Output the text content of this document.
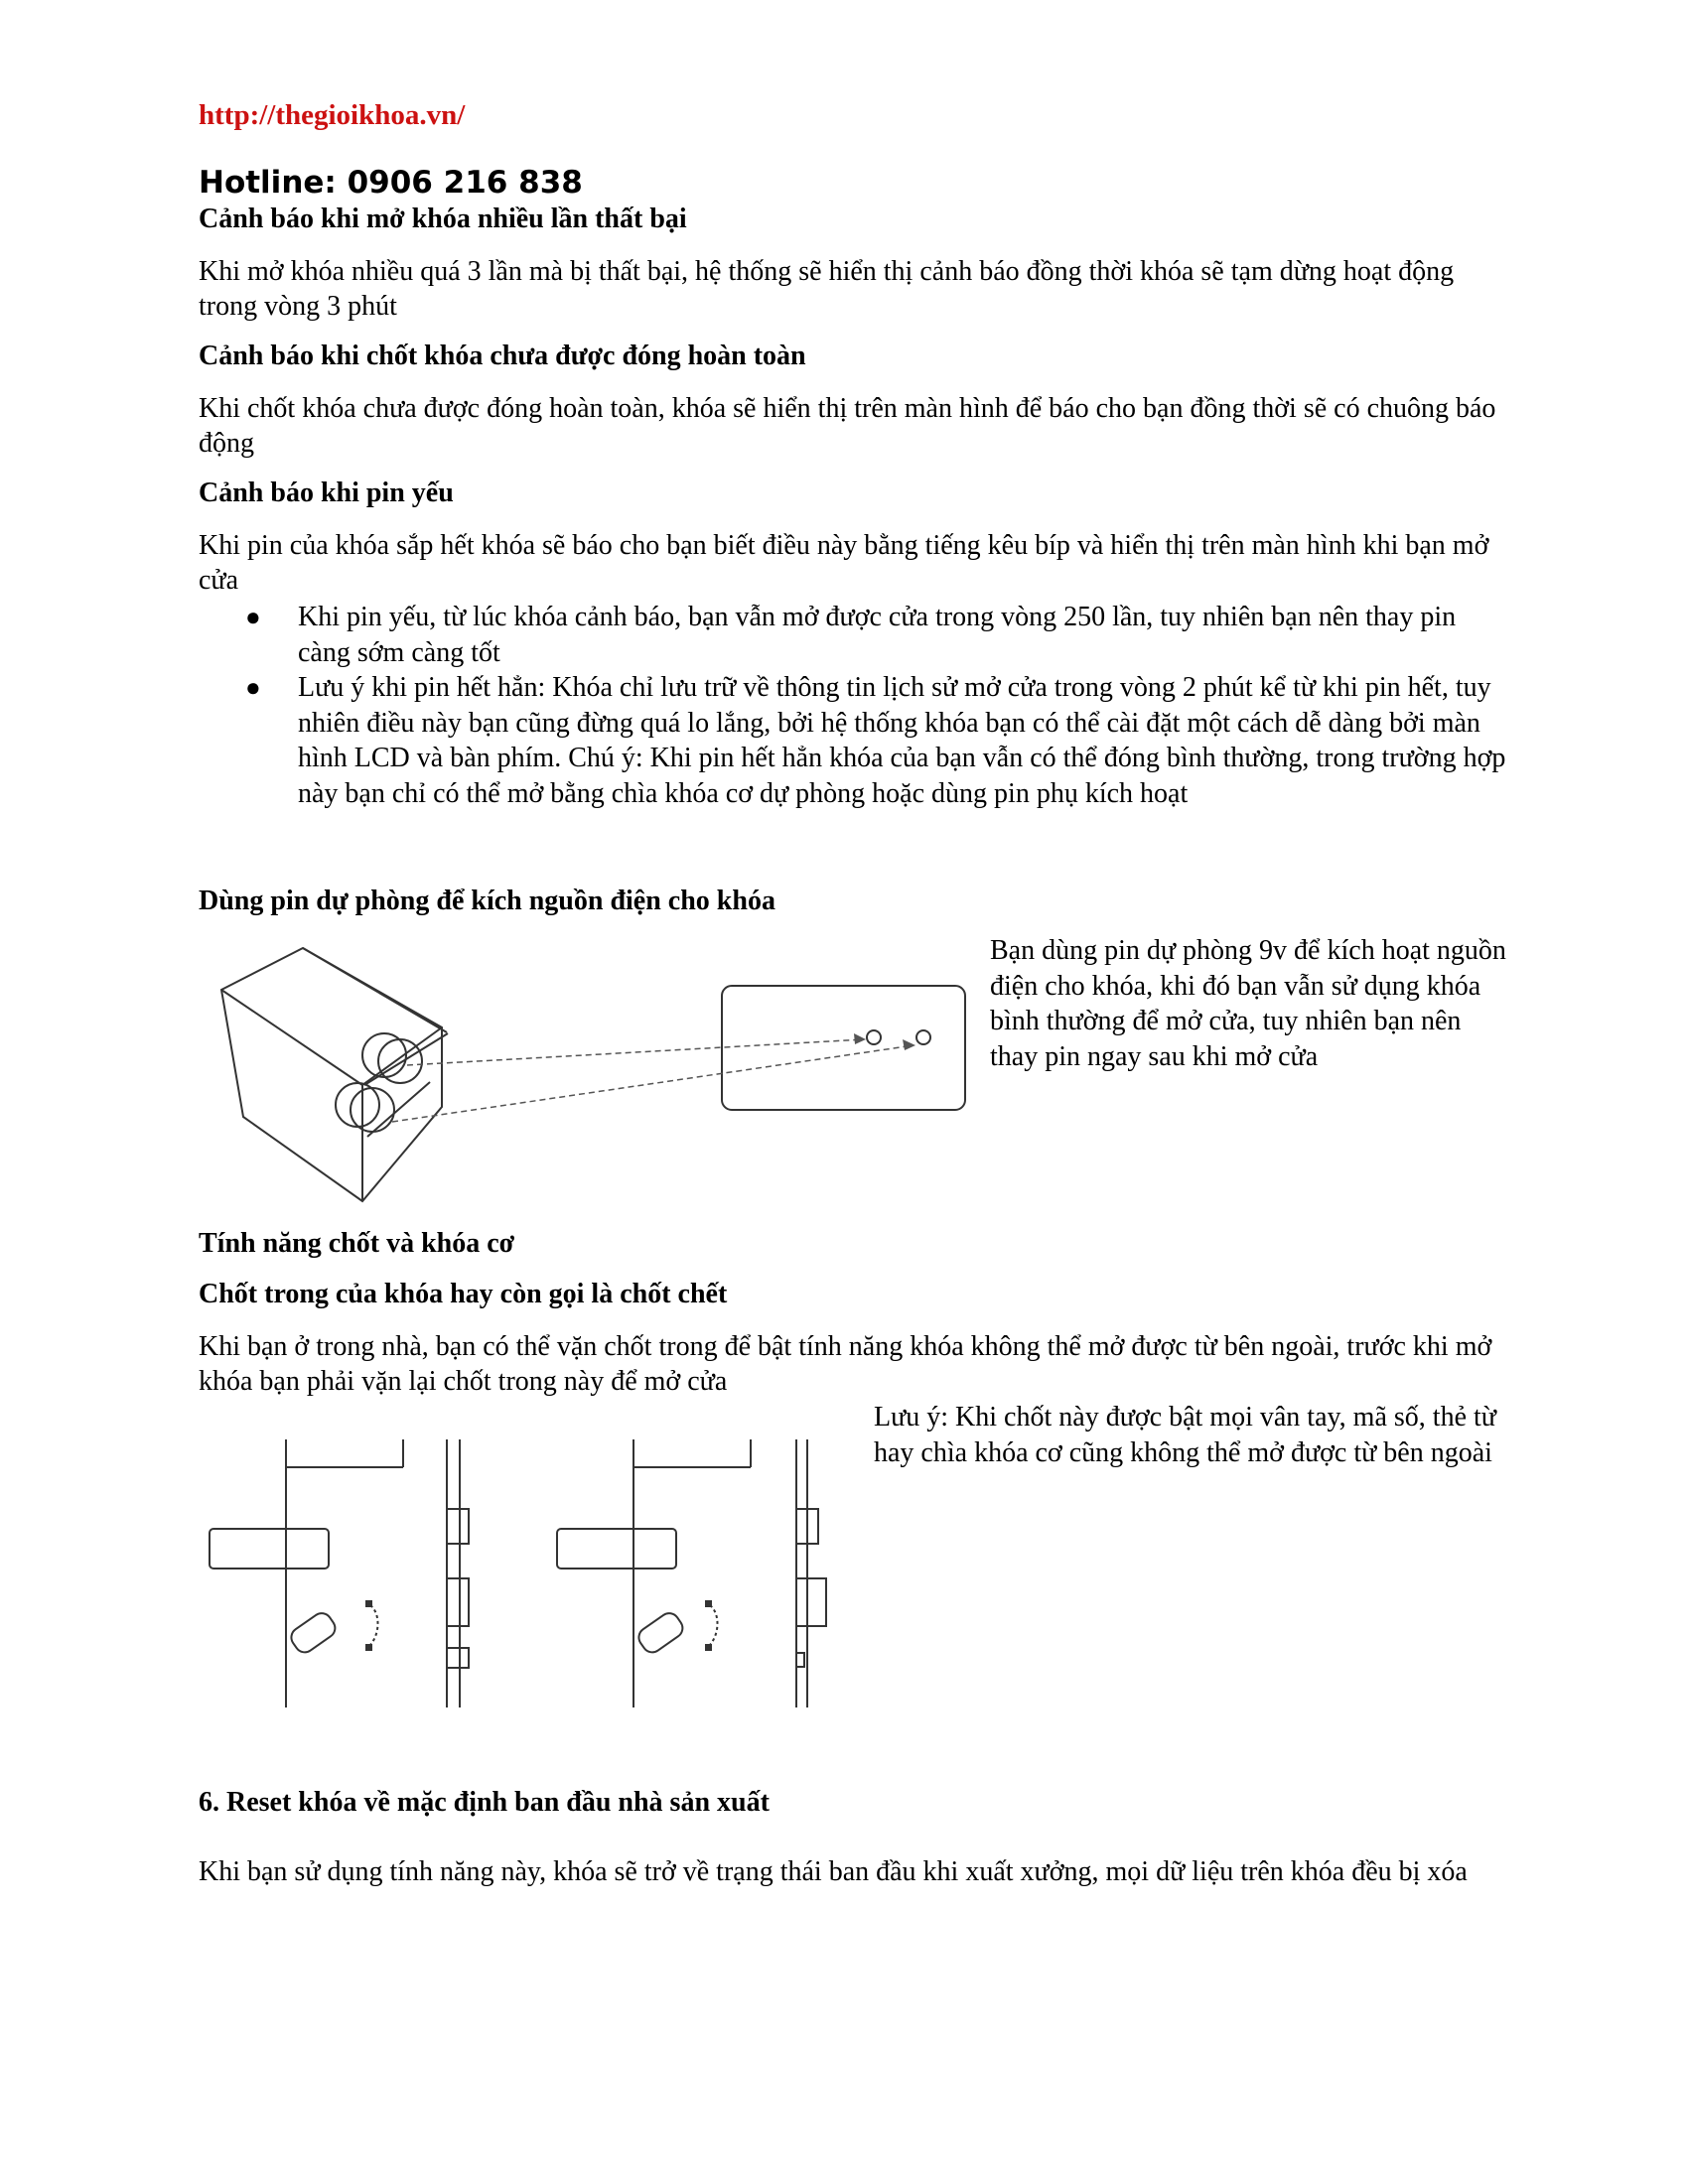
http://thegioikhoa.vn/
Hotline: 0906 216 838
Cảnh báo khi mở khóa nhiều lần thất bại
Khi mở khóa nhiều quá 3 lần mà bị thất bại, hệ thống sẽ hiển thị cảnh báo đồng thời khóa sẽ tạm dừng hoạt động trong vòng 3 phút
Cảnh báo khi chốt khóa chưa được đóng hoàn toàn
Khi chốt khóa chưa được đóng hoàn toàn, khóa sẽ hiển thị trên màn hình để báo cho bạn đồng thời sẽ có chuông báo động
Cảnh báo khi pin yếu
Khi pin của khóa sắp hết khóa sẽ báo cho bạn biết điều này bằng tiếng kêu bíp và hiển thị trên màn hình khi bạn mở cửa
● Khi pin yếu, từ lúc khóa cảnh báo, bạn vẫn mở được cửa trong vòng 250 lần, tuy nhiên bạn nên thay pin càng sớm càng tốt
● Lưu ý khi pin hết hẳn: Khóa chỉ lưu trữ về thông tin lịch sử mở cửa trong vòng 2 phút kể từ khi pin hết, tuy nhiên điều này bạn cũng đừng quá lo lắng, bởi hệ thống khóa bạn có thể cài đặt một cách dễ dàng bởi màn hình LCD và bàn phím. Chú ý: Khi pin hết hẳn khóa của bạn vẫn có thể đóng bình thường, trong trường hợp này bạn chỉ có thể mở bằng chìa khóa cơ dự phòng hoặc dùng pin phụ kích hoạt
Dùng pin dự phòng để kích nguồn điện cho khóa
Bạn dùng pin dự phòng 9v để kích hoạt nguồn điện cho khóa, khi đó bạn vẫn sử dụng khóa bình thường để mở cửa, tuy nhiên bạn nên thay pin ngay sau khi mở cửa
Tính năng chốt và khóa cơ
Chốt trong của khóa hay còn gọi là chốt chết
Khi bạn ở trong nhà, bạn có thể vặn chốt trong để bật tính năng khóa không thể mở được từ bên ngoài, trước khi mở khóa bạn phải vặn lại chốt trong này để mở cửa
Lưu ý: Khi chốt này được bật mọi vân tay, mã số, thẻ từ hay chìa khóa cơ cũng không thể mở được từ bên ngoài
6. Reset khóa về mặc định ban đầu nhà sản xuất
Khi bạn sử dụng tính năng này, khóa sẽ trở về trạng thái ban đầu khi xuất xưởng, mọi dữ liệu trên khóa đều bị xóa
